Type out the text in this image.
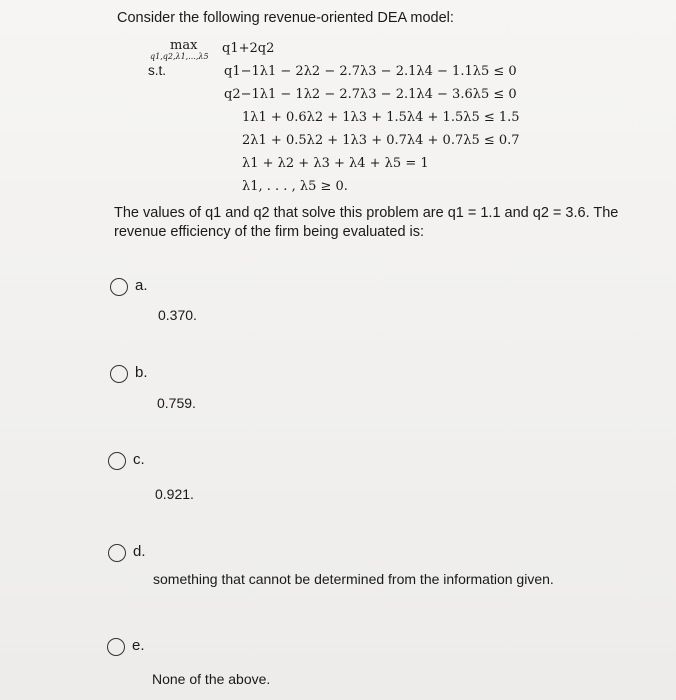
Consider the following revenue-oriented DEA model:
max
q1,q2,λ1,...,λ5
q1+2q2
s.t.	q1−1λ1 − 2λ2 − 2.7λ3 − 2.1λ4 − 1.1λ5 ≤ 0
q2−1λ1 − 1λ2 − 2.7λ3 − 2.1λ4 − 3.6λ5 ≤ 0
1λ1 + 0.6λ2 + 1λ3 + 1.5λ4 + 1.5λ5 ≤ 1.5
2λ1 + 0.5λ2 + 1λ3 + 0.7λ4 + 0.7λ5 ≤ 0.7
λ1 + λ2 + λ3 + λ4 + λ5 = 1
λ1, . . . , λ5 ≥ 0.
The values of q1 and q2 that solve this problem are q1 = 1.1 and q2 = 3.6. The revenue efficiency of the firm being evaluated is:
a.
0.370.
b.
0.759.
c.
0.921.
d.
something that cannot be determined from the information given.
e.
None of the above.
